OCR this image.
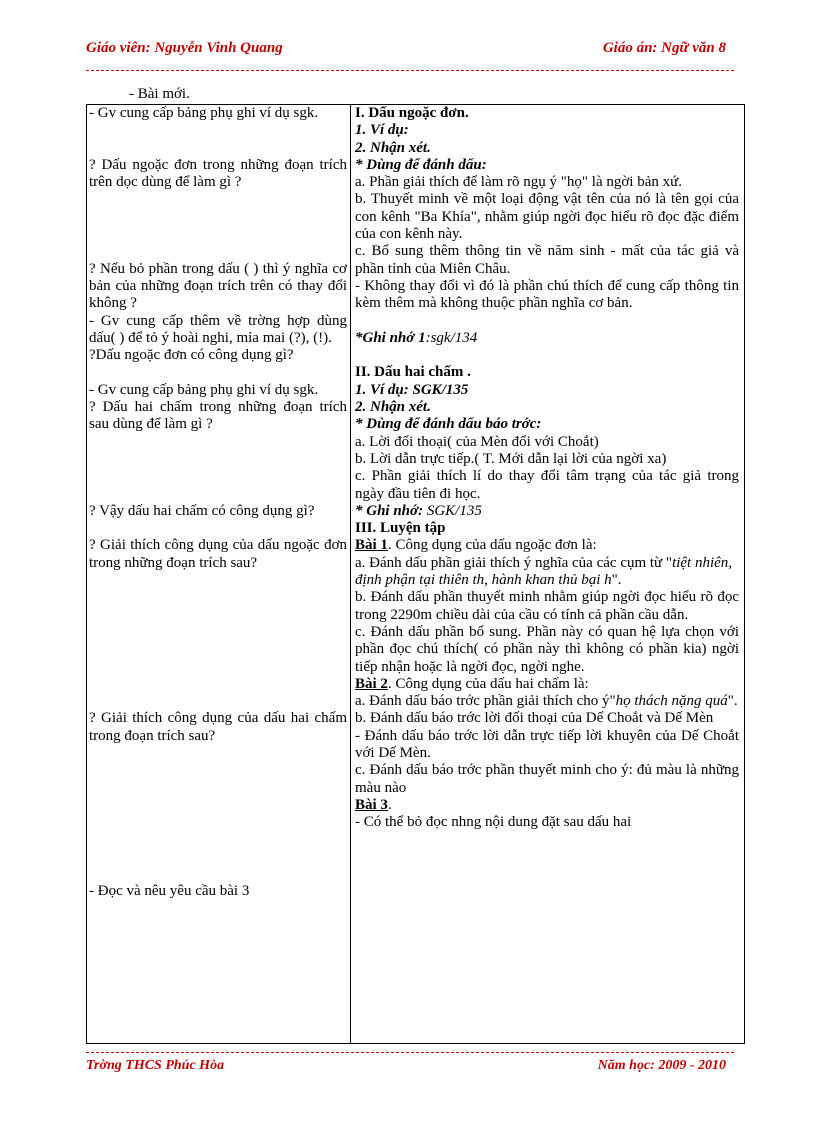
Giáo viên: Nguyễn Vinh Quang	Giáo án: Ngữ văn 8
- Bài mới.

- Gv cung cấp bảng phụ ghi ví dụ sgk.

? Dấu ngoặc đơn trong những đoạn trích trên dọc dùng để làm gì ?

? Nếu bỏ phần trong dấu ( ) thì ý nghĩa cơ bản của những đoạn trích trên có thay đổi không ?

- Gv cung cấp thêm về trờng hợp dùng dấu( ) để tỏ ý hoài nghi, mỉa mai (?), (!).

?Dấu ngoặc đơn có công dụng gì?

- Gv cung cấp bảng phụ ghi ví dụ sgk.

? Dấu hai chấm trong những đoạn trích sau dùng để làm gì ?

? Vậy dấu hai chấm có công dụng gì?

? Giải thích công dụng của dấu ngoặc đơn trong những đoạn trích sau?

? Giải thích công dụng của dấu hai chấm trong đoạn trích sau?

- Đọc và nêu yêu cầu bài 3

I. Dấu ngoặc đơn.

1. Ví dụ:

2. Nhận xét.

* Dùng để đánh dấu:

a. Phần giải thích để làm rõ ngụ ý "họ" là ngời bản xứ.

b. Thuyết minh về một loại động vật tên của nó là tên gọi của con kênh "Ba Khía", nhằm giúp ngời đọc hiểu rõ đọc đặc điểm của con kênh này.

c. Bổ sung thêm thông tin về năm sinh - mất của tác giả và phần tỉnh của Miên Châu.

- Không thay đổi vì đó là phần chú thích để cung cấp thông tin kèm thêm mà không thuộc phần nghĩa cơ bản.

*Ghi nhớ 1:sgk/134

II. Dấu hai chấm .

1. Ví dụ: SGK/135

2. Nhận xét.

* Dùng để đánh dấu báo trớc:

a. Lời đối thoại( của Mèn đối với Choắt)

b. Lời dẫn trực tiếp.( T. Mới dẫn lại lời của ngời xa)

c. Phần giải thích lí do thay đổi tâm trạng của tác giả trong ngày đầu tiên đi học.

* Ghi nhớ: SGK/135

III. Luyện tập

Bài 1. Công dụng của dấu ngoặc đơn là:

a. Đánh dấu phần giải thích ý nghĩa của các cụm từ "tiệt nhiên, định phận tại thiên th, hành khan thủ bại h".

b. Đánh dấu phần thuyết minh nhằm giúp ngời đọc hiểu rõ đọc trong 2290m chiều dài của cầu có tính cả phần cầu dẫn.

c. Đánh dấu phần bổ sung. Phần này có quan hệ lựa chọn với phần đọc chú thích( có phần này thì không có phần kia) ngời tiếp nhận hoặc là ngời đọc, ngời nghe.

Bài 2. Công dụng của dấu hai chấm là:

a. Đánh dấu báo trớc phần giải thích cho ý"họ thách nặng quá".

b. Đánh dấu báo trớc lời đối thoại của Dế Choắt và Dế Mèn

- Đánh dấu báo trớc lời dẫn trực tiếp lời khuyên của Dế Choắt với Dế Mèn.

c. Đánh dấu báo trớc phần thuyết minh cho ý: đủ màu là những màu nào

Bài 3.

- Có thể bỏ đọc nhng nội dung đặt sau dấu hai

Trờng THCS Phúc Hòa	Năm học: 2009 - 2010
